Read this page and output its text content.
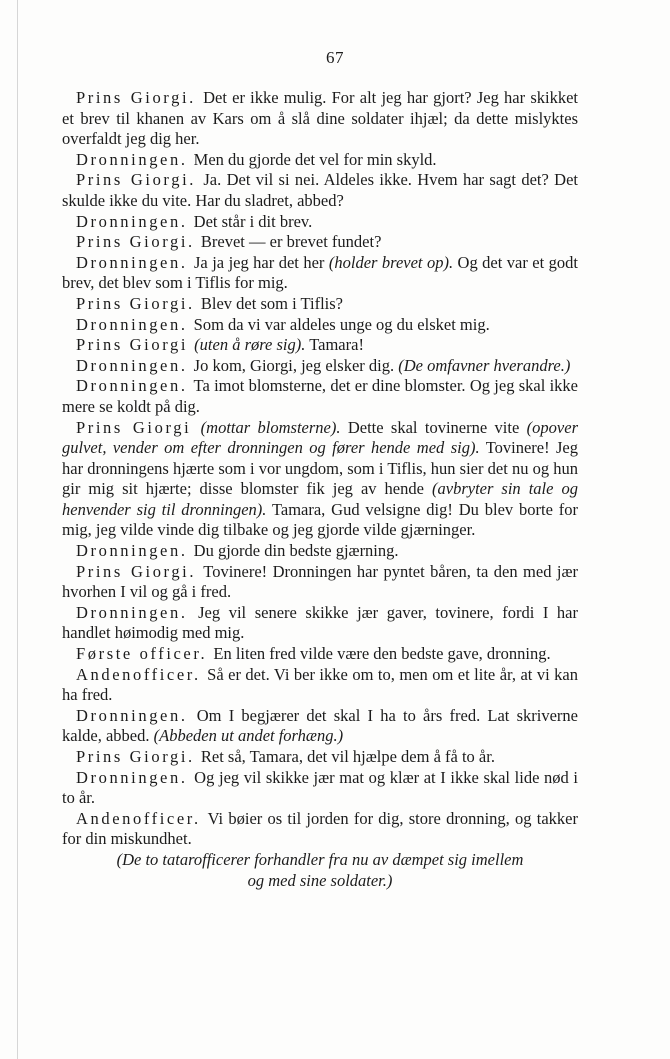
67

Prins Giorgi. Det er ikke mulig. For alt jeg har gjort? Jeg har skikket et brev til khanen av Kars om å slå dine soldater ihjæl; da dette mislyktes overfaldt jeg dig her.

Dronningen. Men du gjorde det vel for min skyld.

Prins Giorgi. Ja. Det vil si nei. Aldeles ikke. Hvem har sagt det? Det skulde ikke du vite. Har du sladret, abbed?

Dronningen. Det står i dit brev.

Prins Giorgi. Brevet — er brevet fundet?

Dronningen. Ja ja jeg har det her (holder brevet op). Og det var et godt brev, det blev som i Tiflis for mig.

Prins Giorgi. Blev det som i Tiflis?

Dronningen. Som da vi var aldeles unge og du elsket mig.

Prins Giorgi (uten å røre sig). Tamara!

Dronningen. Jo kom, Giorgi, jeg elsker dig. (De omfavner hverandre.)

Dronningen. Ta imot blomsterne, det er dine blomster. Og jeg skal ikke mere se koldt på dig.

Prins Giorgi (mottar blomsterne). Dette skal tovinerne vite (opover gulvet, vender om efter dronningen og fører hende med sig). Tovinere! Jeg har dronningens hjærte som i vor ungdom, som i Tiflis, hun sier det nu og hun gir mig sit hjærte; disse blomster fik jeg av hende (avbryter sin tale og henvender sig til dronningen). Tamara, Gud velsigne dig! Du blev borte for mig, jeg vilde vinde dig tilbake og jeg gjorde vilde gjærninger.

Dronningen. Du gjorde din bedste gjærning.

Prins Giorgi. Tovinere! Dronningen har pyntet båren, ta den med jær hvorhen I vil og gå i fred.

Dronningen. Jeg vil senere skikke jær gaver, tovinere, fordi I har handlet høimodig med mig.

Første officer. En liten fred vilde være den bedste gave, dronning.

Andenofficer. Så er det. Vi ber ikke om to, men om et lite år, at vi kan ha fred.

Dronningen. Om I begjærer det skal I ha to års fred. Lat skriverne kalde, abbed. (Abbeden ut andet forhæng.)

Prins Giorgi. Ret så, Tamara, det vil hjælpe dem å få to år.

Dronningen. Og jeg vil skikke jær mat og klær at I ikke skal lide nød i to år.

Andenofficer. Vi bøier os til jorden for dig, store dronning, og takker for din miskundhet.

(De to tatarofficerer forhandler fra nu av dæmpet sig imellem
og med sine soldater.)
